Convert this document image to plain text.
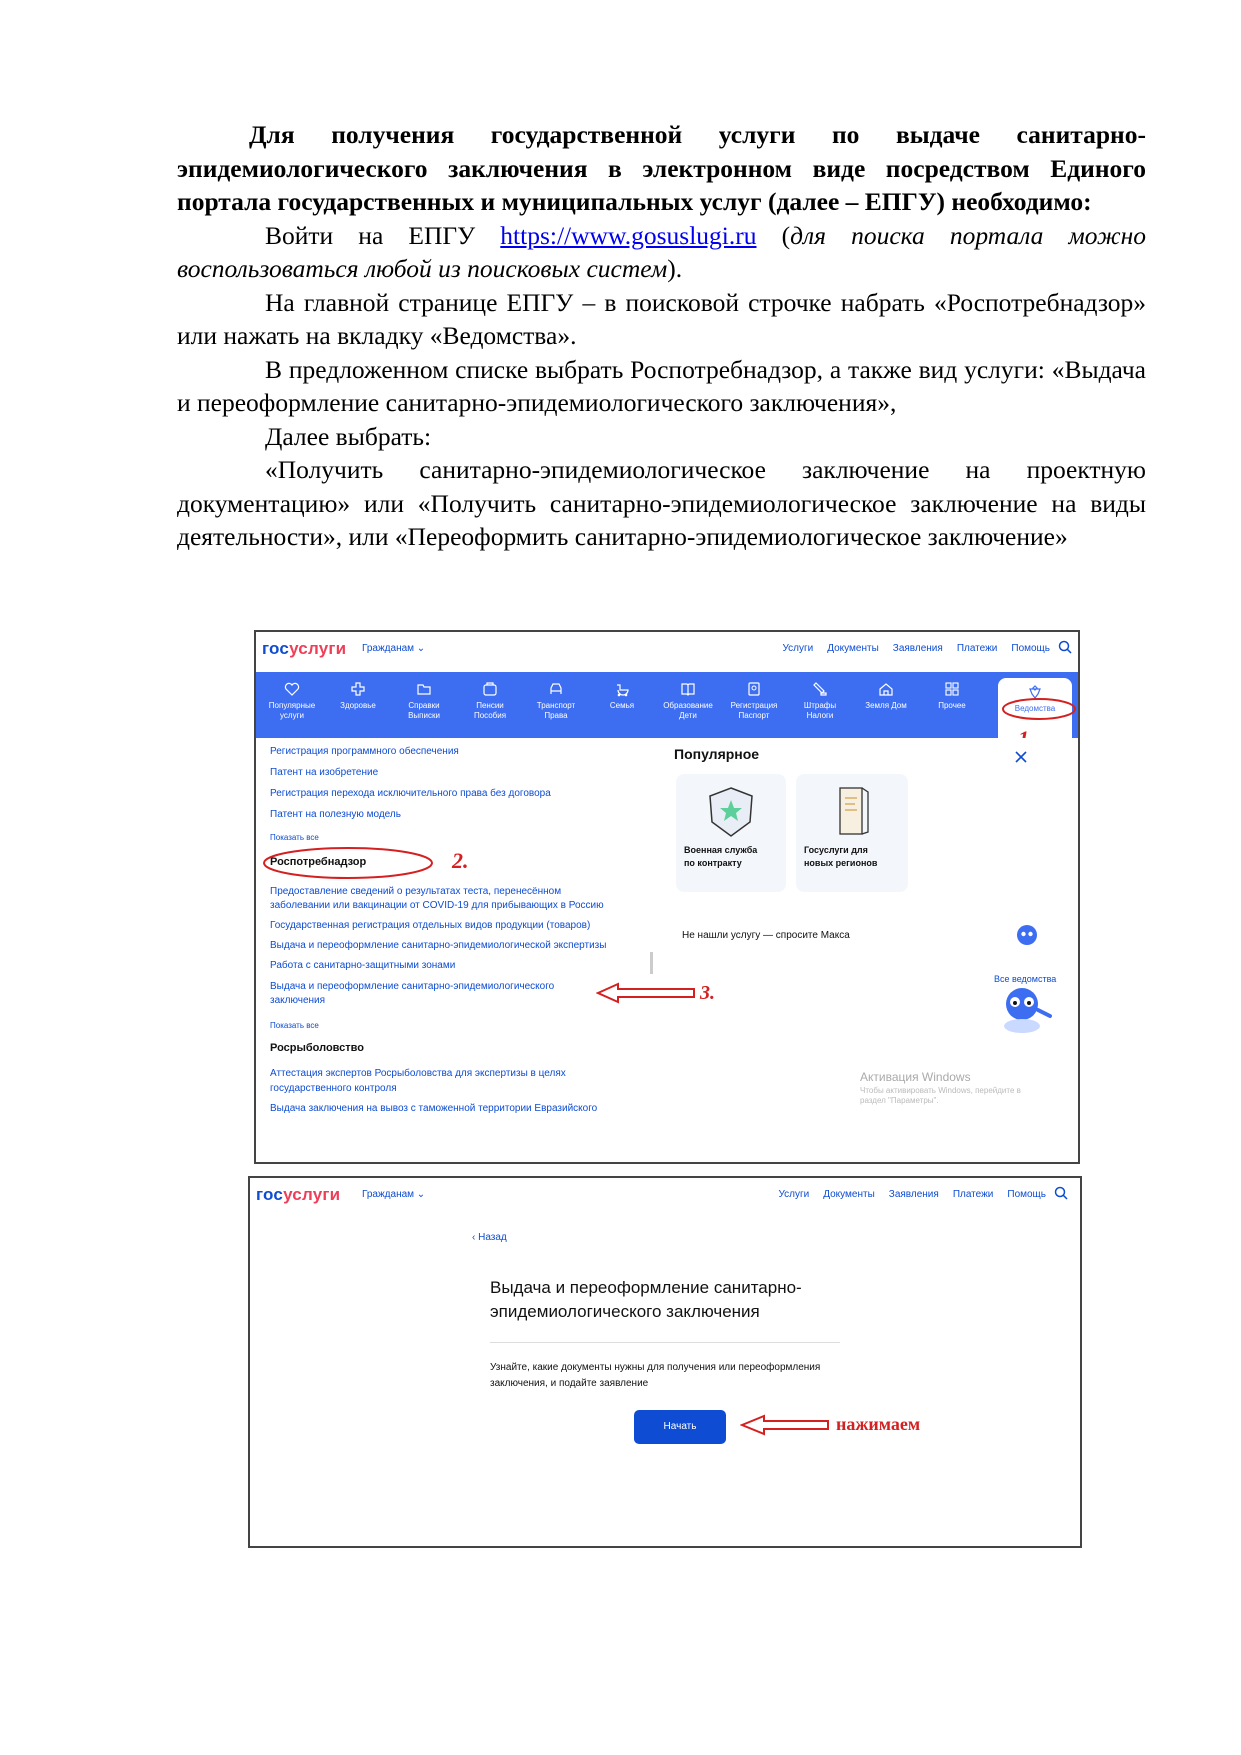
Для получения государственной услуги по выдаче санитарно-эпидемиологического заключения в электронном виде посредством Единого портала государственных и муниципальных услуг (далее – ЕПГУ) необходимо:

Войти на ЕПГУ https://www.gosuslugi.ru (для поиска портала можно воспользоваться любой из поисковых систем).

На главной странице ЕПГУ – в поисковой строчке набрать «Роспотребнадзор» или нажать на вкладку «Ведомства».

В предложенном списке выбрать Роспотребнадзор, а также вид услуги: «Выдача и переоформление санитарно-эпидемиологического заключения»,

Далее выбрать:

«Получить санитарно-эпидемиологическое заключение на проектную документацию» или «Получить санитарно-эпидемиологическое заключение на виды деятельности», или «Переоформить санитарно-эпидемиологическое заключение»

госуслуги Гражданам ⌄	Услуги Документы Заявления Платежи Помощь
Популярные
услуги
Здоровье	Справки
Выписки
Пенсии
Пособия
Транспорт
Права
Семья	Образование
Дети
Регистрация
Паспорт
Штрафы
Налоги
Земля Дом	Прочее	Ведомства
Регистрация программного обеспечения
Патент на изобретение
Регистрация перехода исключительного права без договора
Патент на полезную модель
Показать все
Роспотребнадзор	2.
Предоставление сведений о результатах теста, перенесённом
заболевании или вакцинации от COVID-19 для прибывающих в Россию
Государственная регистрация отдельных видов продукции (товаров)
Выдача и переоформление санитарно-эпидемиологической экспертизы
Работа с санитарно-защитными зонами
Выдача и переоформление санитарно-эпидемиологического
заключения	3.
Показать все
Росрыболовство
Аттестация экспертов Росрыболовства для экспертизы в целях
государственного контроля
Выдача заключения на вывоз с таможенной территории Евразийского
Популярное
Военная служба
по контракту
Госуслуги для
новых регионов
Не нашли услугу — спросите Макса
Все ведомства
Активация Windows
Чтобы активировать Windows, перейдите в
раздел "Параметры".
госуслуги Гражданам ⌄	Услуги Документы Заявления Платежи Помощь
‹ Назад
Выдача и переоформление санитарно-
эпидемиологического заключения
Узнайте, какие документы нужны для получения или переоформления
заключения, и подайте заявление
Начать	нажимаем
